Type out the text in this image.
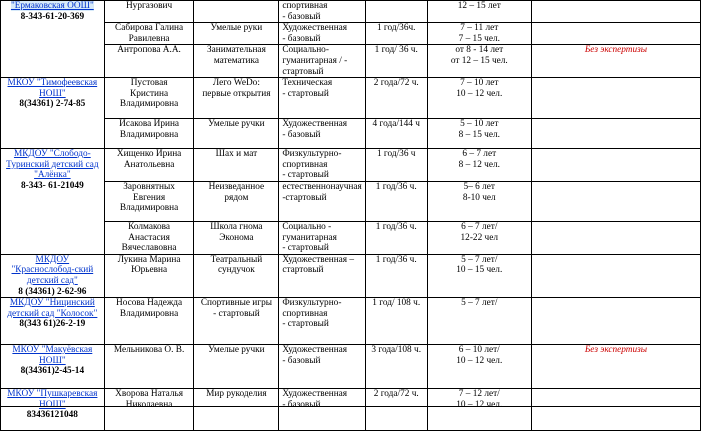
"Ермаковская ООШ"
8-343-61-20-369	Нургазович		спортивная
- базовый		12 – 15 лет	
	Сабирова Галина
Равилевна	Умелые руки	Художественная
- базовый	1 год/36ч.	7 – 11 лет
7 – 15 чел.	
	Антропова А.А.	Занимательная
математика	Социально-
гуманитарная / -
стартовый	1 год/ 36 ч.	от 8 - 14 лет
от 12 – 15 чел.	Без экспертизы
МКОУ "Тимофеевская НОШ"
8(34361) 2-74-85	Пустовая
Кристина
Владимировна	Лего WeDo:
первые открытия	Техническая
- стартовый	2 года/72 ч.	7 – 10 лет
10 – 12 чел.	
	Исакова Ирина
Владимировна	Умелые ручки	Художественная
- базовый	4 года/144 ч	5 – 10 лет
8 – 15 чел.	
МКДОУ "Слободо-Туринский детский сад "Алёнка"
8-343- 61-21049	Хищенко Ирина
Анатольевна	Шах и мат	Физкультурно-
спортивная
- стартовый	1 год/36 ч	6 – 7 лет
8 – 12 чел.	
	Заровнятных
Евгения
Владимировна	Неизведанное
рядом	естественнонаучная
-стартовый	1 год/36 ч.	5– 6 лет
8-10 чел	
	Колмакова
Анастасия
Вячеславовна	Школа гнома
Эконома	Социально -
гуманитарная
- стартовый	1 год/36 ч.	6 – 7 лет/
12-22 чел	
МКДОУ "Краснослобод-ский детский сад"
8 (34361) 2-62-96	Лукина Марина
Юрьевна	Театральный
сундучок	Художественная –
стартовый	1 год/36 ч.	5 – 7 лет/
10 – 15 чел.	
МКДОУ "Ницинский детский сад "Колосок"
8(343 61)26-2-19	Носова Надежда
Владимировна	Спортивные игры
- стартовый	Физкультурно-
спортивная
- стартовый	1 год/ 108 ч.	5 – 7 лет/	
МКОУ "Макуёвская НОШ"
8(34361)2-45-14	Мельникова О. В.	Умелые ручки	Художественная
- базовый	3 года/108 ч.	6 – 10 лет/
10 – 12 чел.	Без экспертизы
МКОУ "Пушкаревская НОШ"
83436121048	Хворова Наталья
Николаевна	Мир рукоделия	Художественная
- базовый	2 года/72 ч.	7 – 12 лет/
10 – 12 чел.	
